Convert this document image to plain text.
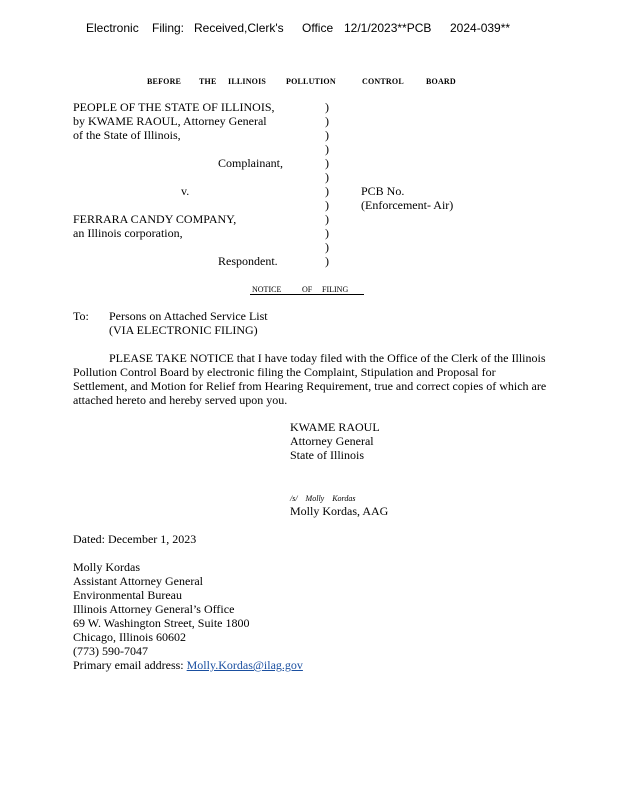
Electronic Filing: Received,Clerk's Office 12/1/2023**PCB 2024-039**
BEFORE THE ILLINOIS POLLUTION	CONTROL	BOARD
PEOPLE OF THE STATE OF ILLINOIS,
by KWAME RAOUL, Attorney General
of the State of Illinois,
Complainant,
v.	PCB No.
(Enforcement- Air)
FERRARA CANDY COMPANY,
an Illinois corporation,
Respondent.
)
)
)
)
)
)
)
)
)
)
)
)
NOTICE	OF FILING
To: Persons on Attached Service List
(VIA ELECTRONIC FILING)
PLEASE TAKE NOTICE that I have today filed with the Office of the Clerk of the Illinois
Pollution Control Board by electronic filing the Complaint, Stipulation and Proposal for
Settlement, and Motion for Relief from Hearing Requirement, true and correct copies of which are
attached hereto and hereby served upon you.
KWAME RAOUL
Attorney General
State of Illinois
/s/ Molly Kordas
Molly Kordas, AAG
Dated: December 1, 2023
Molly Kordas
Assistant Attorney General
Environmental Bureau
Illinois Attorney General’s Office
69 W. Washington Street, Suite 1800
Chicago, Illinois 60602
(773) 590-7047
Primary email address: Molly.Kordas@ilag.gov
